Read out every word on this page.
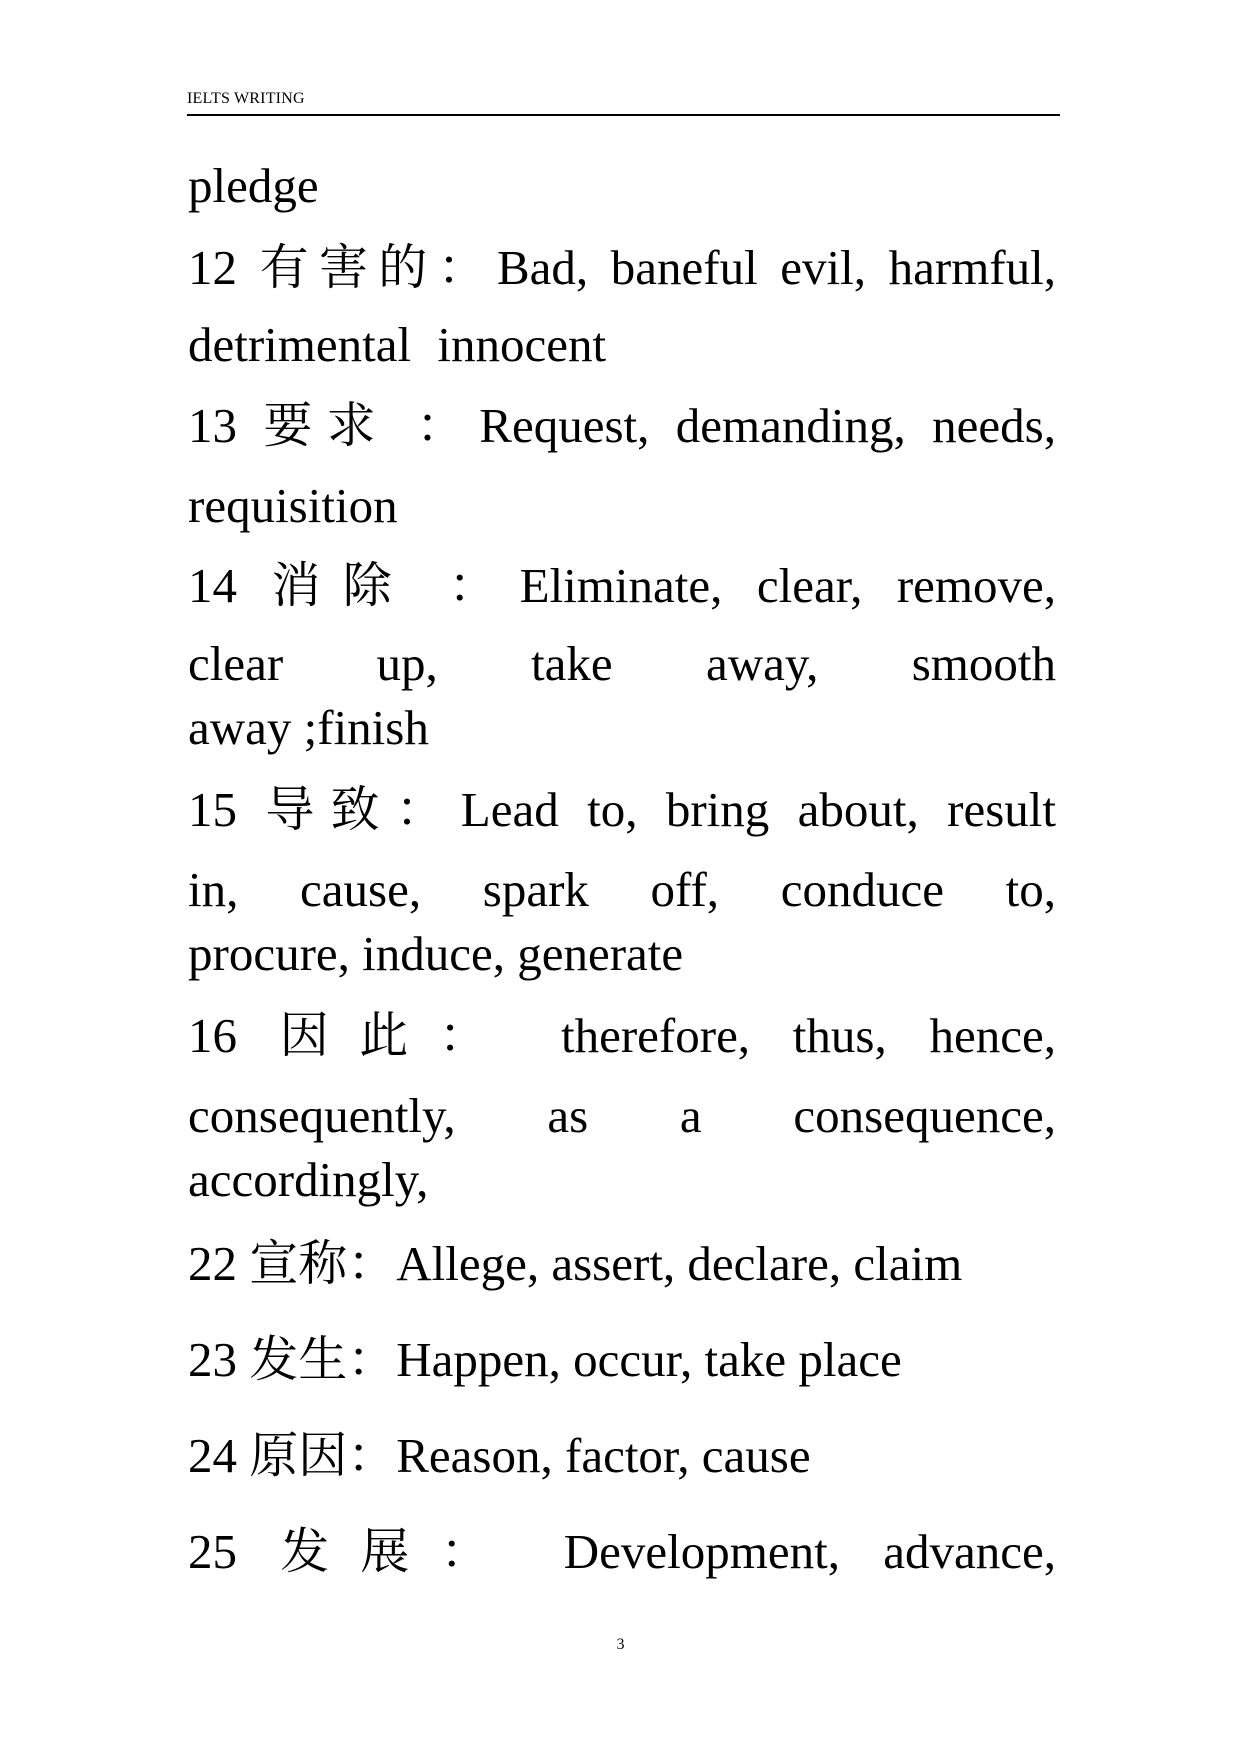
IELTS WRITING
pledge
12 有害的：Bad, baneful evil, harmful,
detrimental innocent
13 要求 ：Request, demanding, needs,
requisition
14 消除 ：Eliminate, clear, remove,
clear up, take away, smooth
away ;finish
15 导致：Lead to, bring about, result
in, cause, spark off, conduce to,
procure, induce, generate
16 因此： therefore, thus, hence,
consequently, as a consequence,
accordingly,
22 宣称：Allege, assert, declare, claim
23 发生：Happen, occur, take place
24 原因：Reason, factor, cause
25 发展： Development, advance,
3
